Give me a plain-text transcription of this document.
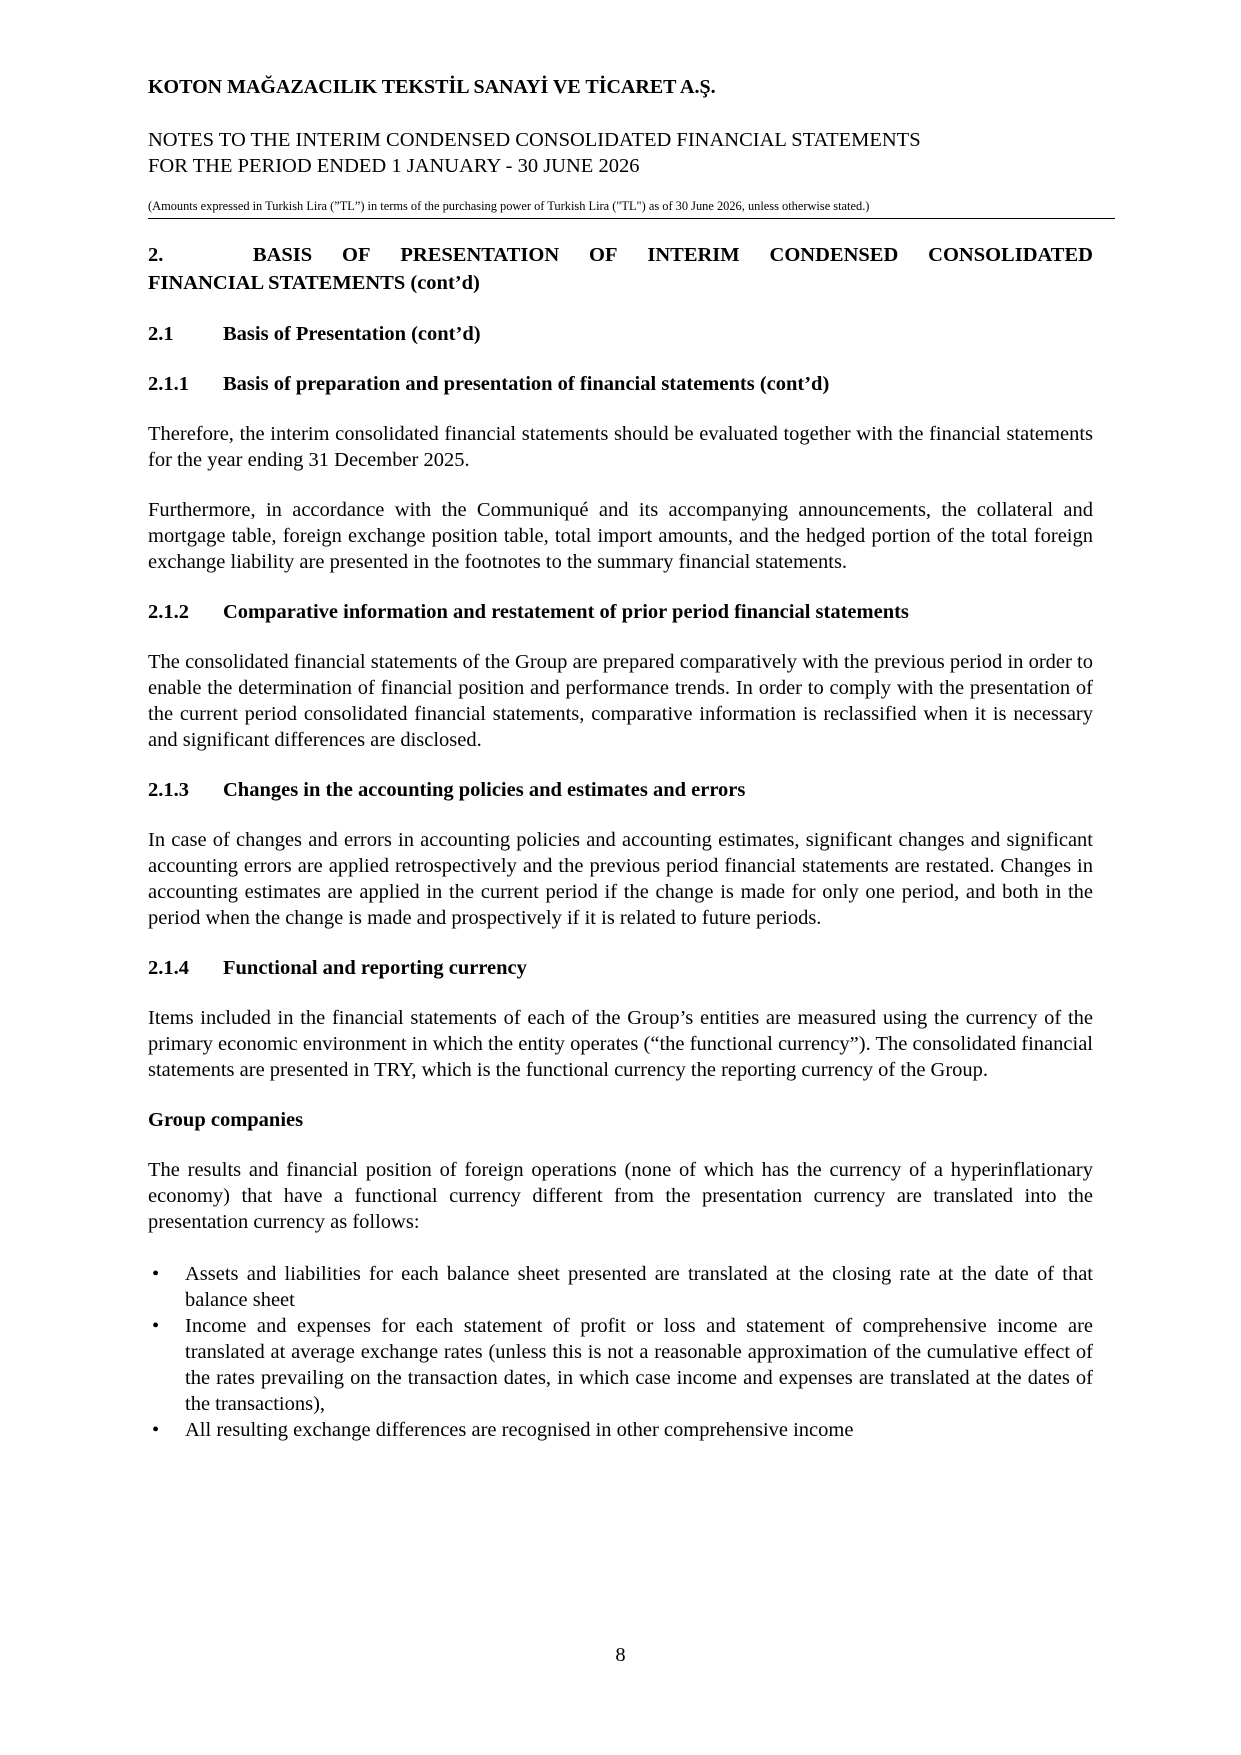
KOTON MAĞAZACILIK TEKSTİL SANAYİ VE TİCARET A.Ş.
NOTES TO THE INTERIM CONDENSED CONSOLIDATED FINANCIAL STATEMENTS
FOR THE PERIOD ENDED 1 JANUARY - 30 JUNE 2026
(Amounts expressed in Turkish Lira (”TL”) in terms of the purchasing power of Turkish Lira ("TL") as of 30 June 2026, unless otherwise stated.)
2.	BASIS OF PRESENTATION OF INTERIM CONDENSED CONSOLIDATED
FINANCIAL STATEMENTS (cont’d)
2.1	Basis of Presentation (cont’d)
2.1.1	Basis of preparation and presentation of financial statements (cont’d)

Therefore, the interim consolidated financial statements should be evaluated together with the financial statements for the year ending 31 December 2025.

Furthermore, in accordance with the Communiqué and its accompanying announcements, the collateral and mortgage table, foreign exchange position table, total import amounts, and the hedged portion of the total foreign exchange liability are presented in the footnotes to the summary financial statements.

2.1.2	Comparative information and restatement of prior period financial statements

The consolidated financial statements of the Group are prepared comparatively with the previous period in order to enable the determination of financial position and performance trends. In order to comply with the presentation of the current period consolidated financial statements, comparative information is reclassified when it is necessary and significant differences are disclosed.

2.1.3	Changes in the accounting policies and estimates and errors

In case of changes and errors in accounting policies and accounting estimates, significant changes and significant accounting errors are applied retrospectively and the previous period financial statements are restated. Changes in accounting estimates are applied in the current period if the change is made for only one period, and both in the period when the change is made and prospectively if it is related to future periods.

2.1.4	Functional and reporting currency

Items included in the financial statements of each of the Group’s entities are measured using the currency of the primary economic environment in which the entity operates (“the functional currency”). The consolidated financial statements are presented in TRY, which is the functional currency the reporting currency of the Group.

Group companies

The results and financial position of foreign operations (none of which has the currency of a hyperinflationary economy) that have a functional currency different from the presentation currency are translated into the presentation currency as follows:

• Assets and liabilities for each balance sheet presented are translated at the closing rate at the date of that balance sheet
• Income and expenses for each statement of profit or loss and statement of comprehensive income are translated at average exchange rates (unless this is not a reasonable approximation of the cumulative effect of the rates prevailing on the transaction dates, in which case income and expenses are translated at the dates of the transactions),
• All resulting exchange differences are recognised in other comprehensive income
8
